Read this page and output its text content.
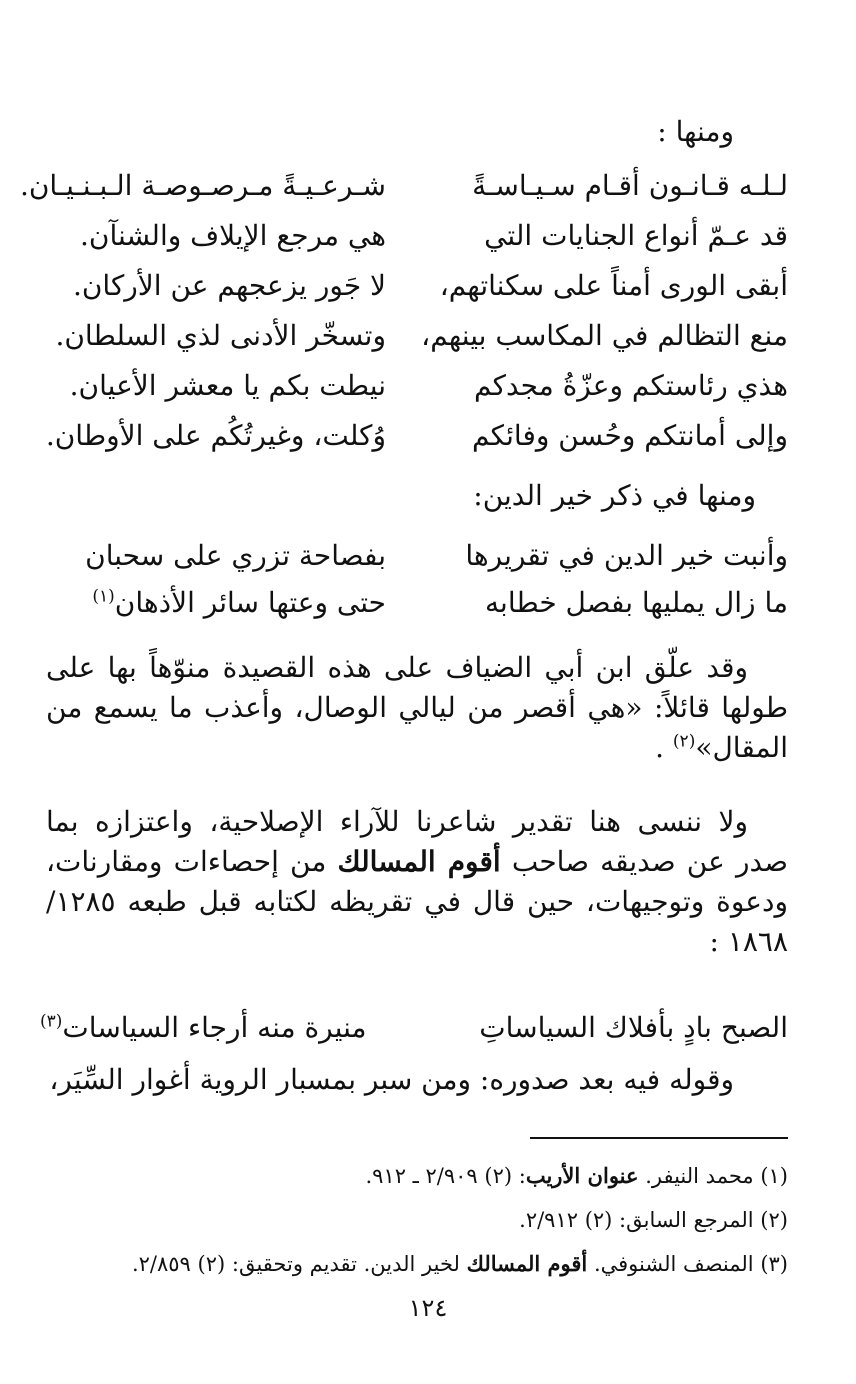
ومنها :
لـلـه قـانـون أقـام سـيـاسـةً
شـرعـيـةً مـرصـوصـة الـبـنـيـان.
قد عـمّ أنواع الجنايات التي
هي مرجع الإيلاف والشنآن.
أبقى الورى أمناً على سكناتهم،
لا جَور يزعجهم عن الأركان.
منع التظالم في المكاسب بينهم،
وتسخّر الأدنى لذي السلطان.
هذي رئاستكم وعزّةُ مجدكم
نيطت بكم يا معشر الأعيان.
وإلى أمانتكم وحُسن وفائكم
وُكلت، وغيرتُكُم على الأوطان.
ومنها في ذكر خير الدين:
وأنبت خير الدين في تقريرها
بفصاحة تزري على سحبان
ما زال يمليها بفصل خطابه
حتى وعتها سائر الأذهان$^{(١)}$
وقد علّق ابن أبي الضياف على هذه القصيدة منوّهاً بها على طولها قائلاً: «هي أقصر من ليالي الوصال، وأعذب ما يسمع من المقال»$^{(٢)}$ .
ولا ننسى هنا تقدير شاعرنا للآراء الإصلاحية، واعتزازه بما صدر عن صديقه صاحب أقوم المسالك من إحصاءات ومقارنات، ودعوة وتوجيهات، حين قال في تقريظه لكتابه قبل طبعه ١٢٨٥/ ١٨٦٨ :
الصبح بادٍ بأفلاك السياساتِ
منيرة منه أرجاء السياسات$^{(٣)}$
وقوله فيه بعد صدوره: ومن سبر بمسبار الروية أغوار السِّيَر،
(١) محمد النيفر. عنوان الأريب: (٢) ٢/٩٠٩ ـ ٩١٢.
(٢) المرجع السابق: (٢) ٢/٩١٢.
(٣) المنصف الشنوفي. أقوم المسالك لخير الدين. تقديم وتحقيق: (٢) ٢/٨٥٩.
١٢٤
